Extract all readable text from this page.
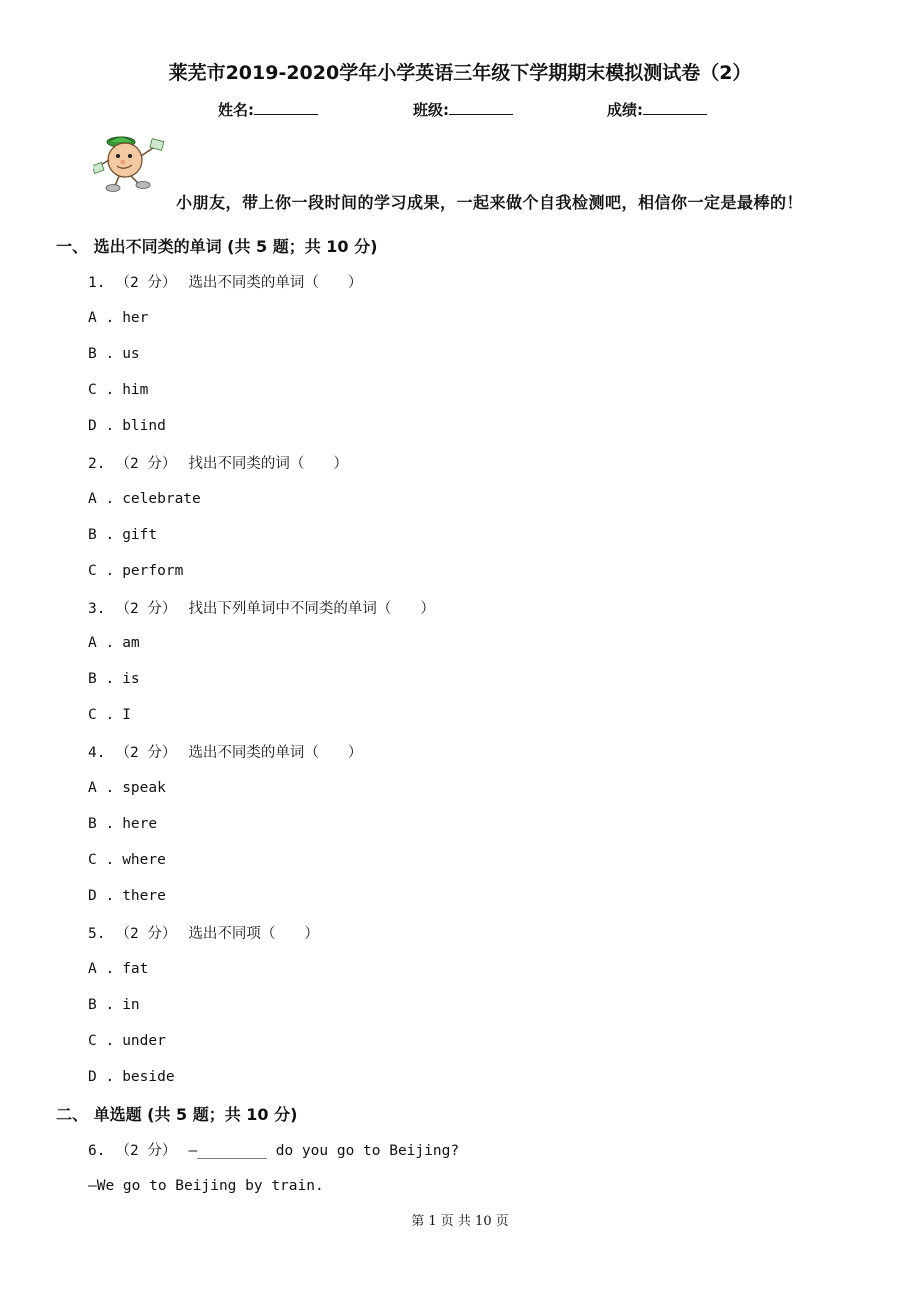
莱芜市2019-2020学年小学英语三年级下学期期末模拟测试卷（2）
姓名:	班级:	成绩:
小朋友，带上你一段时间的学习成果，一起来做个自我检测吧，相信你一定是最棒的！
一、 选出不同类的单词 (共 5 题；共 10 分)
1. （2 分） 选出不同类的单词（　　）
A . her
B . us
C . him
D . blind
2. （2 分） 找出不同类的词（　　）
A . celebrate
B . gift
C . perform
3. （2 分） 找出下列单词中不同类的单词（　　）
A . am
B . is
C . I
4. （2 分） 选出不同类的单词（　　）
A . speak
B . here
C . where
D . there
5. （2 分） 选出不同项（　　）
A . fat
B . in
C . under
D . beside
二、 单选题 (共 5 题；共 10 分)
6. （2 分） —________ do you go to Beijing?
—We go to Beijing by train.
第 1 页 共 10 页
